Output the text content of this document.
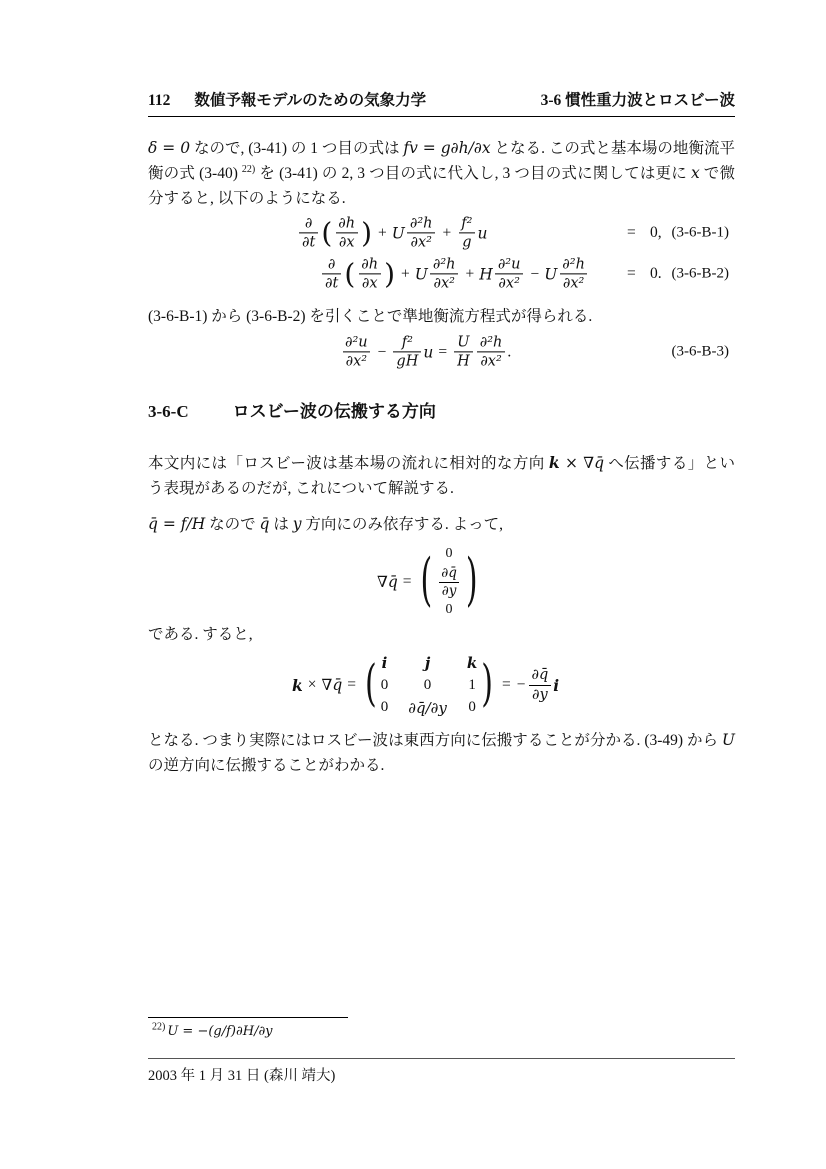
112 数値予報モデルのための気象力学	3-6 慣性重力波とロスビー波

δ = 0 なので, (3-41) の 1 つ目の式は fv = g∂h/∂x となる. この式と基本場の地衡流平衡の式 (3-40) $^{22)}$ を (3-41) の 2, 3 つ目の式に代入し, 3 つ目の式に関しては更に x で微分すると, 以下のようになる.

$\frac{\partial}{\partial t}$ ( $\frac{\partial h}{\partial x}$ ) + U $\frac{\text{∂²h}}{\text{∂x²}} + \frac{\text{f²}}{g}$ u	= 0, (3-6-B-1)
$\frac{\partial}{\partial t}$ ( $\frac{\partial h}{\partial x}$ ) + U $\frac{\text{∂²h}}{\text{∂x²}} + H \frac{\text{∂²u}}{\text{∂x²}} - U \frac{\text{∂²h}}{\text{∂x²}}$	= 0. (3-6-B-2)

(3-6-B-1) から (3-6-B-2) を引くことで準地衡流方程式が得られる.

$\frac{\text{∂²u}}{\text{∂x²}} - \frac{\text{f²}}{gH}$ $u = \frac{U}{H} \frac{\text{∂²h}}{\text{∂x²}}$ .	(3-6-B-3)
3-6-C	ロスビー波の伝搬する方向

本文内には「ロスビー波は基本場の流れに相対的な方向 k × ∇q̄ へ伝播する」という表現があるのだが, これについて解説する.

q̄ = f/H なので q̄ は y 方向にのみ依存する. よって,

∇q̄ = ( 0
$\frac{\partial q̄}{\partial y}$
0 )

である. すると,

k × ∇q̄ = ( i	j k
0 0 1
0 ∂q̄/∂y 0 ) = − $\frac{\partial q̄}{\partial y}$ i

となる. つまり実際にはロスビー波は東西方向に伝搬することが分かる. (3-49) から U の逆方向に伝搬することがわかる.

$^{22)}$ U = −(g/f)∂H/∂y
2003 年 1 月 31 日 (森川 靖大)
